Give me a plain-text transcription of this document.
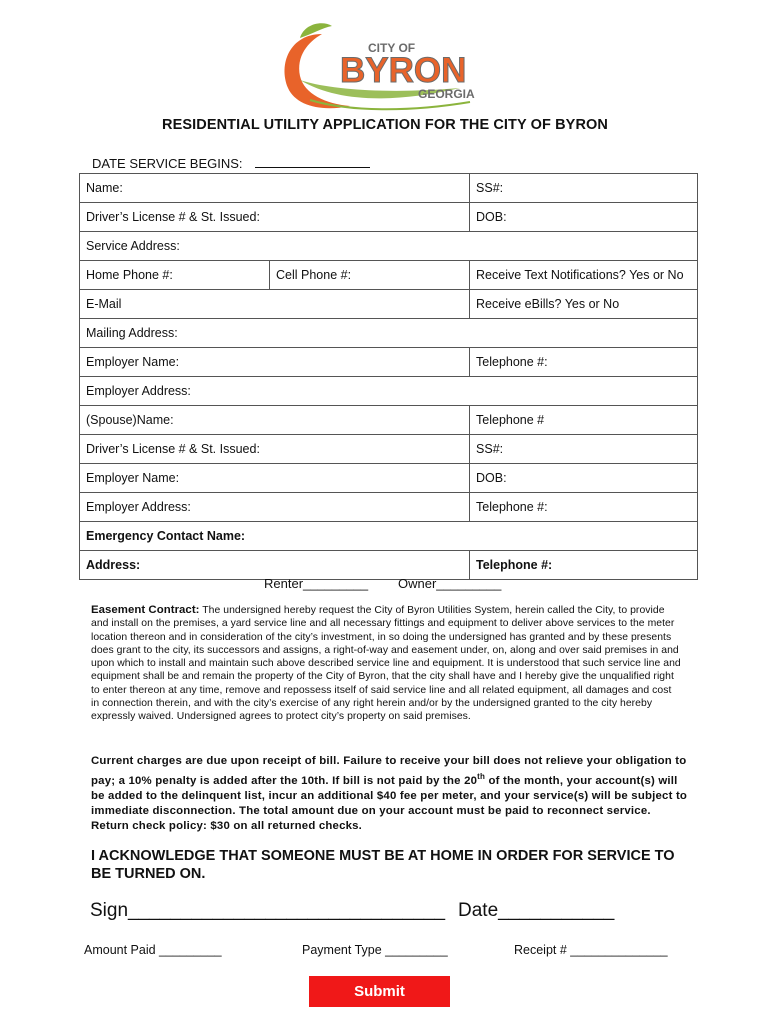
CITY OF
BYRON
GEORGIA
RESIDENTIAL UTILITY APPLICATION FOR THE CITY OF BYRON
DATE SERVICE BEGINS:
Name:		SS#:
Driver’s License # & St. Issued:		DOB:
Service Address:		
Home Phone #:	Cell Phone #:	Receive Text Notifications? Yes or No
E-Mail		Receive eBills? Yes or No
Mailing Address:		
Employer Name:		Telephone #:
Employer Address:		
(Spouse)Name:		Telephone #
Driver’s License # & St. Issued:		SS#:
Employer Name:		DOB:
Employer Address:		Telephone #:
Emergency Contact Name:		
Address:		Telephone #:
Renter_________ Owner_________
Easement Contract: The undersigned hereby request the City of Byron Utilities System, herein called the City, to provide and install on the premises, a yard service line and all necessary fittings and equipment to deliver above services to the meter location thereon and in consideration of the city’s investment, in so doing the undersigned has granted and by these presents does grant to the city, its successors and assigns, a right-of-way and easement under, on, along and over said premises in and upon which to install and maintain such above described service line and equipment. It is understood that such service line and equipment shall be and remain the property of the City of Byron, that the city shall have and I hereby give the unqualified right to enter thereon at any time, remove and repossess itself of said service line and all related equipment, all damages and cost in connection therein, and with the city’s exercise of any right herein and/or by the undersigned granted to the city hereby expressly waived. Undersigned agrees to protect city’s property on said premises.
Current charges are due upon receipt of bill. Failure to receive your bill does not relieve your obligation to pay; a 10% penalty is added after the 10th. If bill is not paid by the 20th of the month, your account(s) will be added to the delinquent list, incur an additional $40 fee per meter, and your service(s) will be subject to immediate disconnection. The total amount due on your account must be paid to reconnect service. Return check policy: $30 on all returned checks.
I ACKNOWLEDGE THAT SOMEONE MUST BE AT HOME IN ORDER FOR SERVICE TO BE TURNED ON.
Sign______________________________ Date___________
Amount Paid _________	Payment Type _________	Receipt # ______________
Submit
